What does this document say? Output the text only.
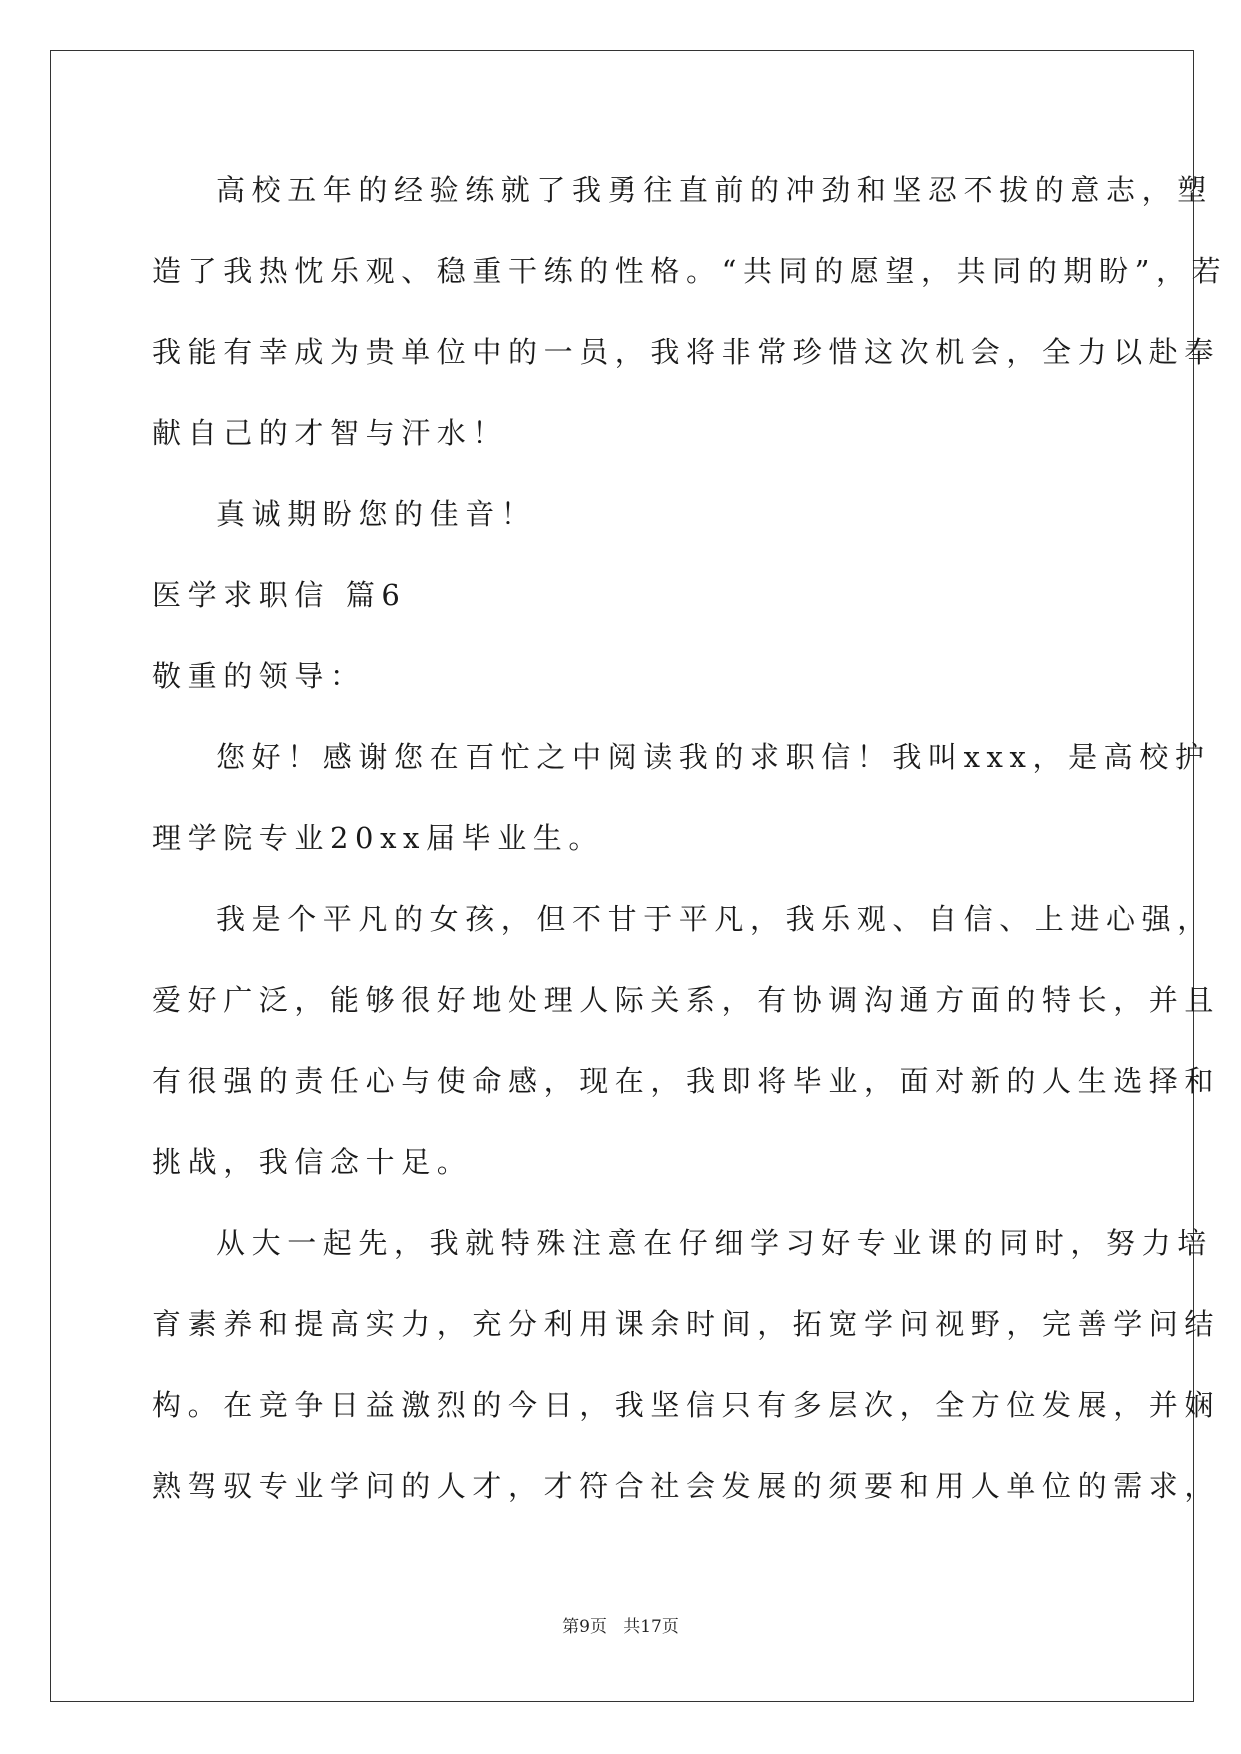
高校五年的经验练就了我勇往直前的冲劲和坚忍不拔的意志，塑
造了我热忱乐观、稳重干练的性格。“共同的愿望，共同的期盼”，若
我能有幸成为贵单位中的一员，我将非常珍惜这次机会，全力以赴奉
献自己的才智与汗水！
真诚期盼您的佳音！
医学求职信 篇6
敬重的领导：
您好！感谢您在百忙之中阅读我的求职信！我叫xxx，是高校护
理学院专业20xx届毕业生。
我是个平凡的女孩，但不甘于平凡，我乐观、自信、上进心强，
爱好广泛，能够很好地处理人际关系，有协调沟通方面的特长，并且
有很强的责任心与使命感，现在，我即将毕业，面对新的人生选择和
挑战，我信念十足。
从大一起先，我就特殊注意在仔细学习好专业课的同时，努力培
育素养和提高实力，充分利用课余时间，拓宽学问视野，完善学问结
构。在竞争日益激烈的今日，我坚信只有多层次，全方位发展，并娴
熟驾驭专业学问的人才，才符合社会发展的须要和用人单位的需求，
第9页 共17页
